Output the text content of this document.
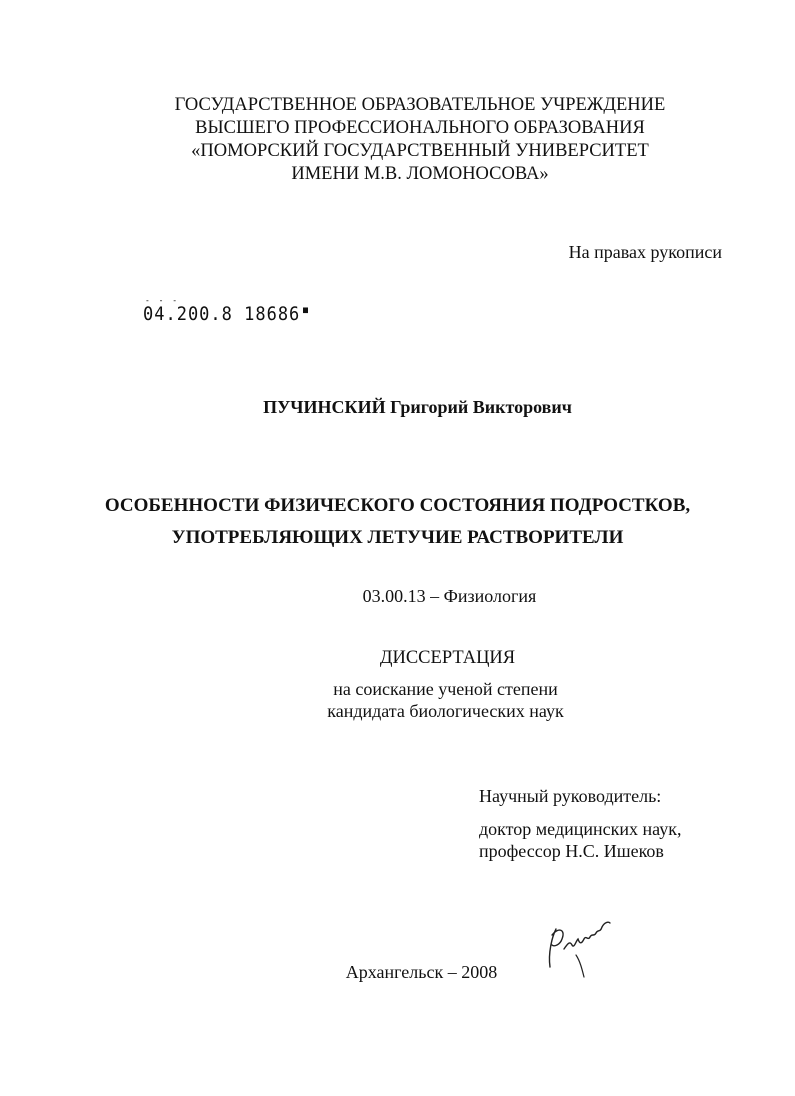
ГОСУДАРСТВЕННОЕ ОБРАЗОВАТЕЛЬНОЕ УЧРЕЖДЕНИЕ
ВЫСШЕГО ПРОФЕССИОНАЛЬНОГО ОБРАЗОВАНИЯ
«ПОМОРСКИЙ ГОСУДАРСТВЕННЫЙ УНИВЕРСИТЕТ
ИМЕНИ М.В. ЛОМОНОСОВА»
На правах рукописи
- - -
04.200.8 18686
ПУЧИНСКИЙ Григорий Викторович
ОСОБЕННОСТИ ФИЗИЧЕСКОГО СОСТОЯНИЯ ПОДРОСТКОВ,
УПОТРЕБЛЯЮЩИХ ЛЕТУЧИЕ РАСТВОРИТЕЛИ
03.00.13 – Физиология
ДИССЕРТАЦИЯ
на соискание ученой степени
кандидата биологических наук
Научный руководитель:
доктор медицинских наук,
профессор Н.С. Ишеков
Архангельск – 2008
